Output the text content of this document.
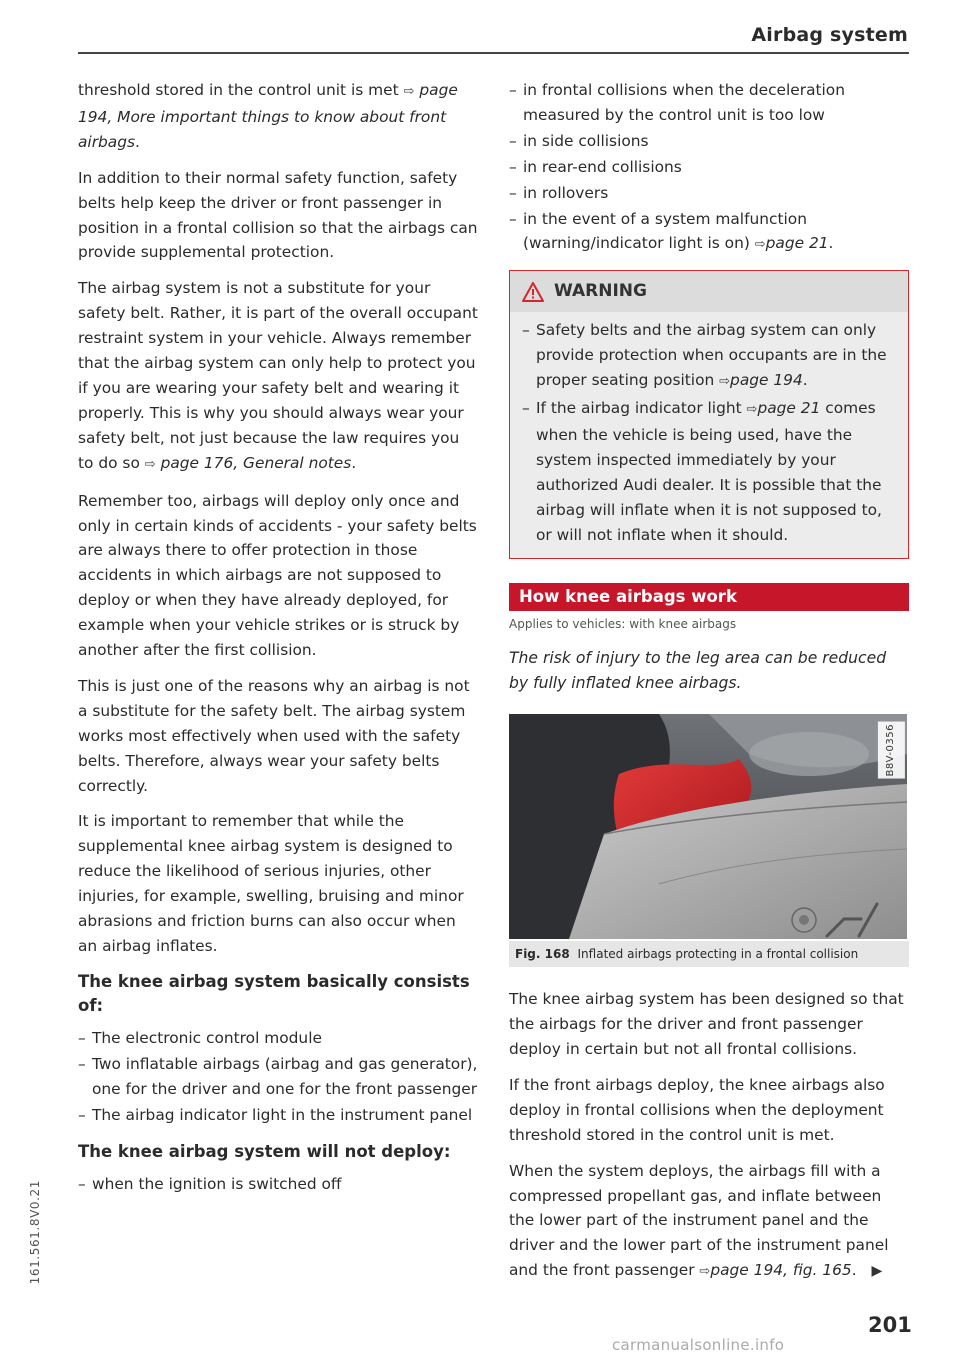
Airbag system

threshold stored in the control unit is met ⇨ page 194, More important things to know about front airbags.

In addition to their normal safety function, safety belts help keep the driver or front passenger in position in a frontal collision so that the airbags can provide supplemental protection.

The airbag system is not a substitute for your safety belt. Rather, it is part of the overall occupant restraint system in your vehicle. Always remember that the airbag system can only help to protect you if you are wearing your safety belt and wearing it properly. This is why you should always wear your safety belt, not just because the law requires you to do so ⇨ page 176, General notes.

Remember too, airbags will deploy only once and only in certain kinds of accidents - your safety belts are always there to offer protection in those accidents in which airbags are not supposed to deploy or when they have already deployed, for example when your vehicle strikes or is struck by another after the first collision.

This is just one of the reasons why an airbag is not a substitute for the safety belt. The airbag system works most effectively when used with the safety belts. Therefore, always wear your safety belts correctly.

It is important to remember that while the supplemental knee airbag system is designed to reduce the likelihood of serious injuries, other injuries, for example, swelling, bruising and minor abrasions and friction burns can also occur when an airbag inflates.

The knee airbag system basically consists of:
– The electronic control module
– Two inflatable airbags (airbag and gas generator), one for the driver and one for the front passenger
– The airbag indicator light in the instrument panel
The knee airbag system will not deploy:
– when the ignition is switched off
– in frontal collisions when the deceleration measured by the control unit is too low
– in side collisions
– in rear-end collisions
– in rollovers
– in the event of a system malfunction (warning/indicator light is on) ⇨page 21.
WARNING
– Safety belts and the airbag system can only provide protection when occupants are in the proper seating position ⇨page 194.
– If the airbag indicator light ⇨page 21 comes when the vehicle is being used, have the system inspected immediately by your authorized Audi dealer. It is possible that the airbag will inflate when it is not supposed to, or will not inflate when it should.
How knee airbags work
Applies to vehicles: with knee airbags

The risk of injury to the leg area can be reduced by fully inflated knee airbags.

B8V-0356
Fig. 168 Inflated airbags protecting in a frontal collision

The knee airbag system has been designed so that the airbags for the driver and front passenger deploy in certain but not all frontal collisions.

If the front airbags deploy, the knee airbags also deploy in frontal collisions when the deployment threshold stored in the control unit is met.

When the system deploys, the airbags fill with a compressed propellant gas, and inflate between the lower part of the instrument panel and the driver and the lower part of the instrument panel and the front passenger ⇨page 194, fig. 165. ▶

161.561.8V0.21
201
carmanualsonline.info
